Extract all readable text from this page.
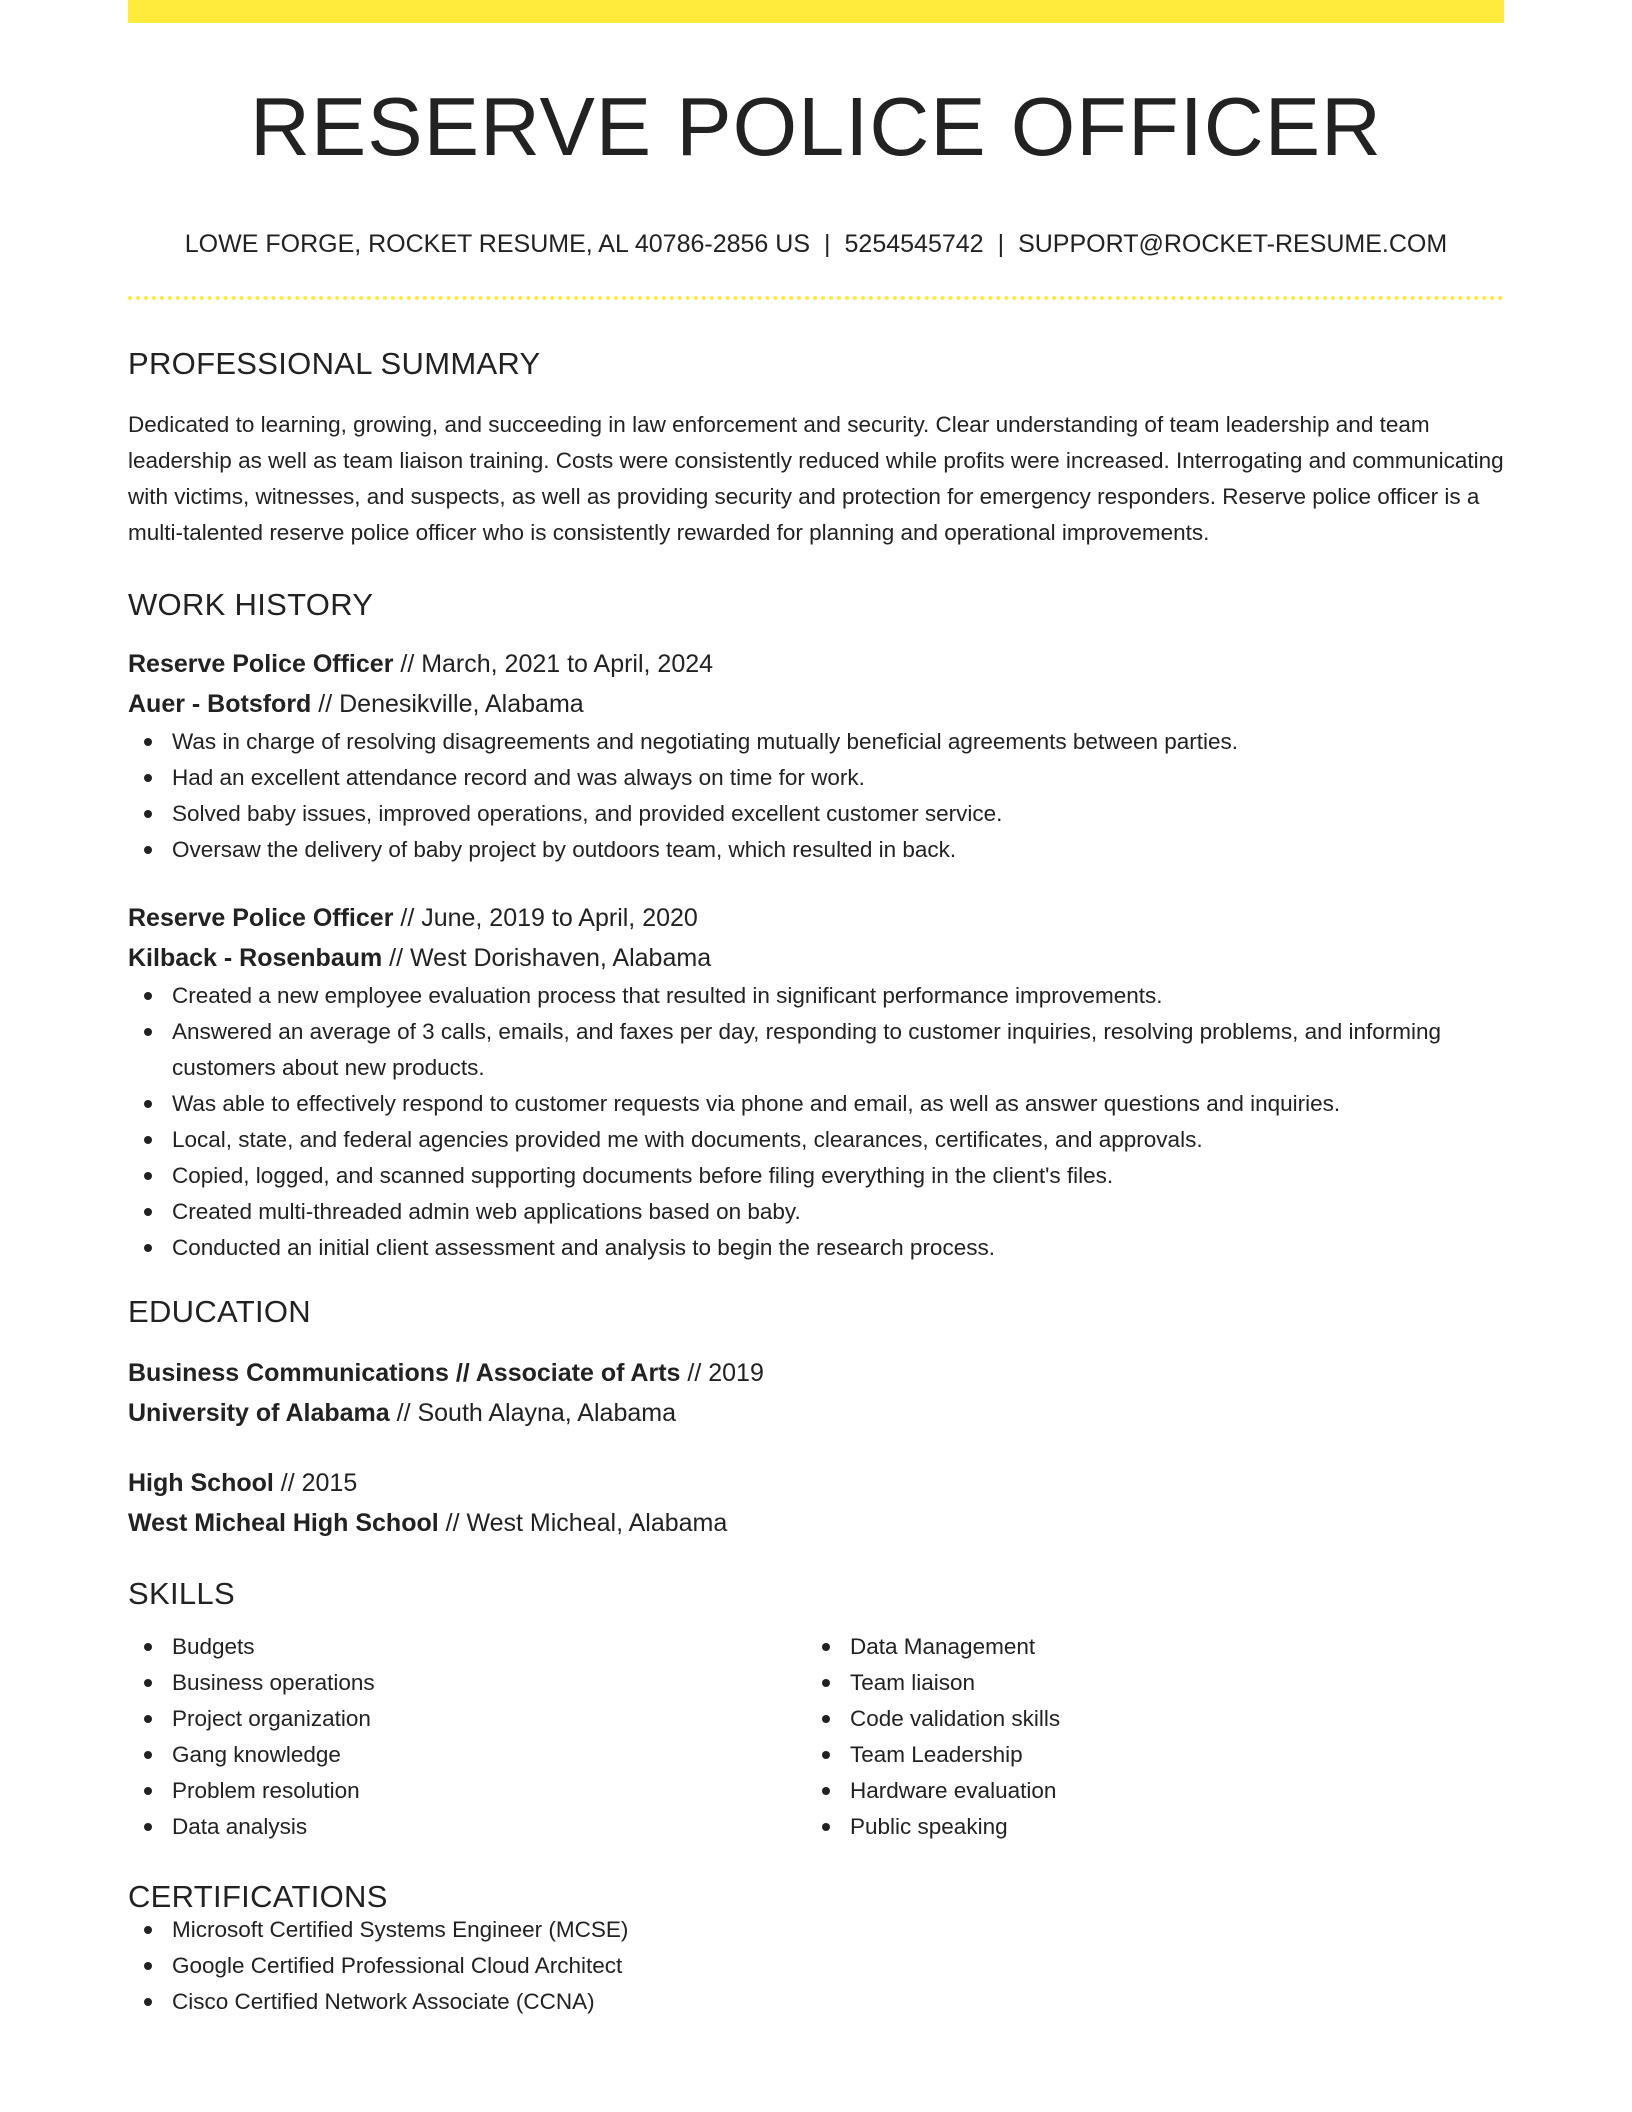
RESERVE POLICE OFFICER
LOWE FORGE, ROCKET RESUME, AL 40786-2856 US | 5254545742 | SUPPORT@ROCKET-RESUME.COM
PROFESSIONAL SUMMARY
Dedicated to learning, growing, and succeeding in law enforcement and security. Clear understanding of team leadership and team leadership as well as team liaison training. Costs were consistently reduced while profits were increased. Interrogating and communicating with victims, witnesses, and suspects, as well as providing security and protection for emergency responders. Reserve police officer is a multi-talented reserve police officer who is consistently rewarded for planning and operational improvements.
WORK HISTORY
Reserve Police Officer // March, 2021 to April, 2024
Auer - Botsford // Denesikville, Alabama
Was in charge of resolving disagreements and negotiating mutually beneficial agreements between parties.
Had an excellent attendance record and was always on time for work.
Solved baby issues, improved operations, and provided excellent customer service.
Oversaw the delivery of baby project by outdoors team, which resulted in back.
Reserve Police Officer // June, 2019 to April, 2020
Kilback - Rosenbaum // West Dorishaven, Alabama
Created a new employee evaluation process that resulted in significant performance improvements.
Answered an average of 3 calls, emails, and faxes per day, responding to customer inquiries, resolving problems, and informing customers about new products.
Was able to effectively respond to customer requests via phone and email, as well as answer questions and inquiries.
Local, state, and federal agencies provided me with documents, clearances, certificates, and approvals.
Copied, logged, and scanned supporting documents before filing everything in the client's files.
Created multi-threaded admin web applications based on baby.
Conducted an initial client assessment and analysis to begin the research process.
EDUCATION
Business Communications // Associate of Arts // 2019
University of Alabama // South Alayna, Alabama
High School // 2015
West Micheal High School // West Micheal, Alabama
SKILLS
Budgets
Business operations
Project organization
Gang knowledge
Problem resolution
Data analysis
Data Management
Team liaison
Code validation skills
Team Leadership
Hardware evaluation
Public speaking
CERTIFICATIONS
Microsoft Certified Systems Engineer (MCSE)
Google Certified Professional Cloud Architect
Cisco Certified Network Associate (CCNA)
